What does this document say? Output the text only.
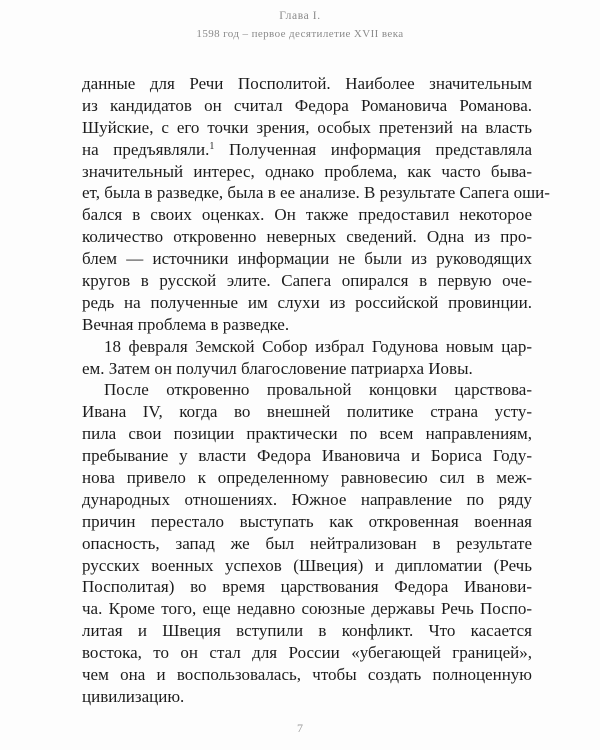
Глава I.
1598 год – первое десятилетие XVII века
данные для Речи Посполитой. Наиболее значительным
из кандидатов он считал Федора Романовича Романова.
Шуйские, с его точки зрения, особых претензий на власть
на предъявляли.$^1$ Полученная информация представляла
значительный интерес, однако проблема, как часто быва-
ет, была в разведке, была в ее анализе. В результате Сапега оши-
бался в своих оценках. Он также предоставил некоторое
количество откровенно неверных сведений. Одна из про-
блем — источники информации не были из руководящих
кругов в русской элите. Сапега опирался в первую оче-
редь на полученные им слухи из российской провинции.
Вечная проблема в разведке.
18 февраля Земской Собор избрал Годунова новым цар-
ем. Затем он получил благословение патриарха Иовы.
После откровенно провальной концовки царствова-
Ивана IV, когда во внешней политике страна усту-
пила свои позиции практически по всем направлениям,
пребывание у власти Федора Ивановича и Бориса Году-
нова привело к определенному равновесию сил в меж-
дународных отношениях. Южное направление по ряду
причин перестало выступать как откровенная военная
опасность, запад же был нейтрализован в результате
русских военных успехов (Швеция) и дипломатии (Речь
Посполитая) во время царствования Федора Иванови-
ча. Кроме того, еще недавно союзные державы Речь Поспо-
литая и Швеция вступили в конфликт. Что касается
востока, то он стал для России «убегающей границей»,
чем она и воспользовалась, чтобы создать полноценную
цивилизацию.
7
